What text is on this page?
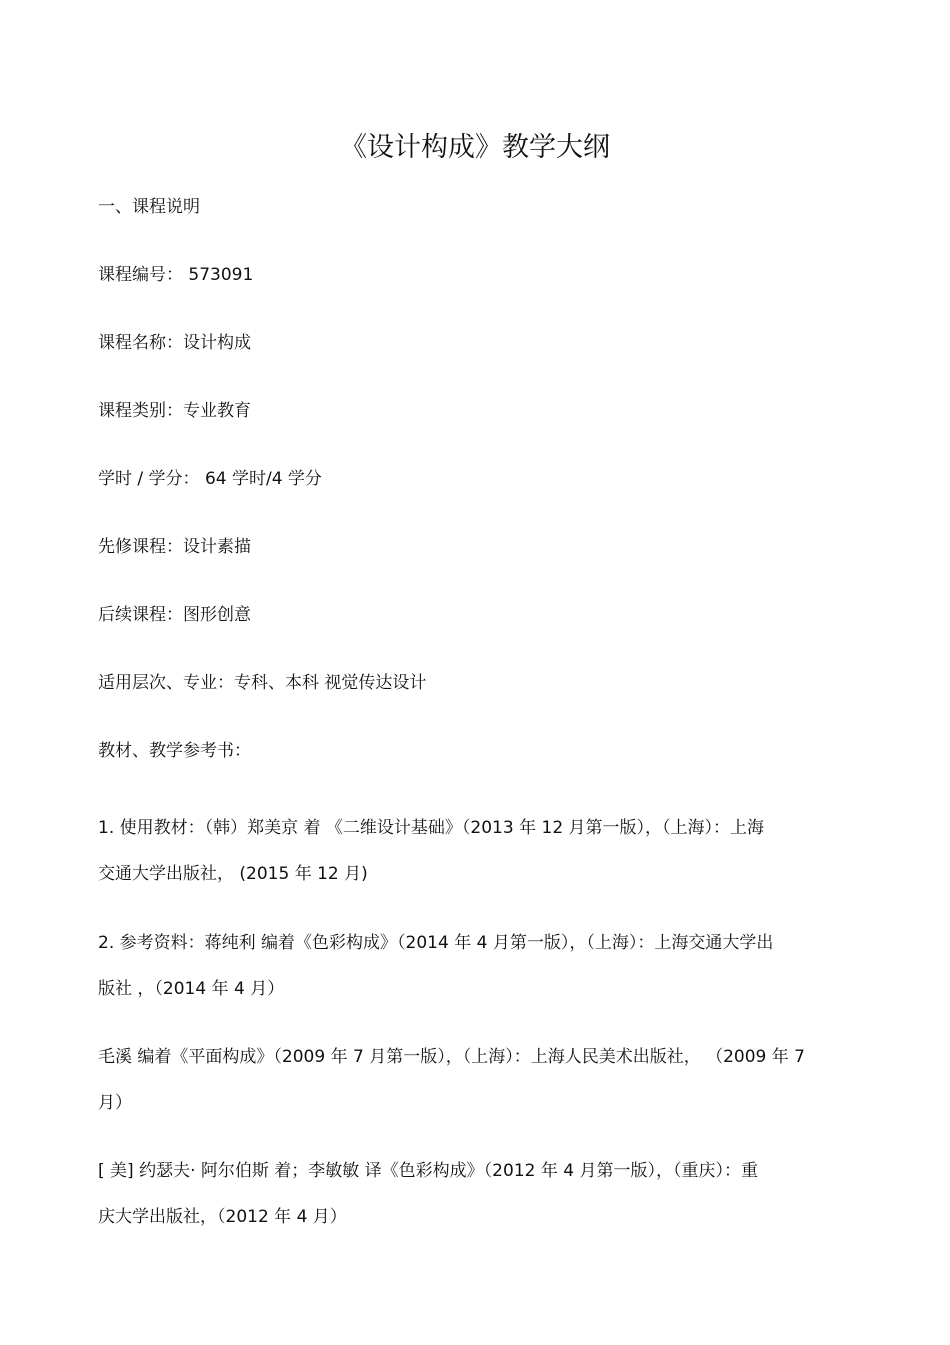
《设计构成》教学大纲
一、课程说明
课程编号： 573091
课程名称：设计构成
课程类别：专业教育
学时 / 学分： 64 学时/4 学分
先修课程：设计素描
后续课程：图形创意
适用层次、专业：专科、本科 视觉传达设计
教材、教学参考书：
1. 使用教材：（韩）郑美京 着 《二维设计基础》（2013 年 12 月第一版），（上海）：上海
交通大学出版社， (2015 年 12 月)
2. 参考资料：蒋纯利 编着《色彩构成》（2014 年 4 月第一版），（上海）：上海交通大学出
版社 ，（2014 年 4 月）
毛溪 编着《平面构成》（2009 年 7 月第一版），（上海）：上海人民美术出版社， （2009 年 7
月）
[ 美] 约瑟夫· 阿尔伯斯 着；李敏敏 译《色彩构成》（2012 年 4 月第一版），（重庆）：重
庆大学出版社，（2012 年 4 月）
